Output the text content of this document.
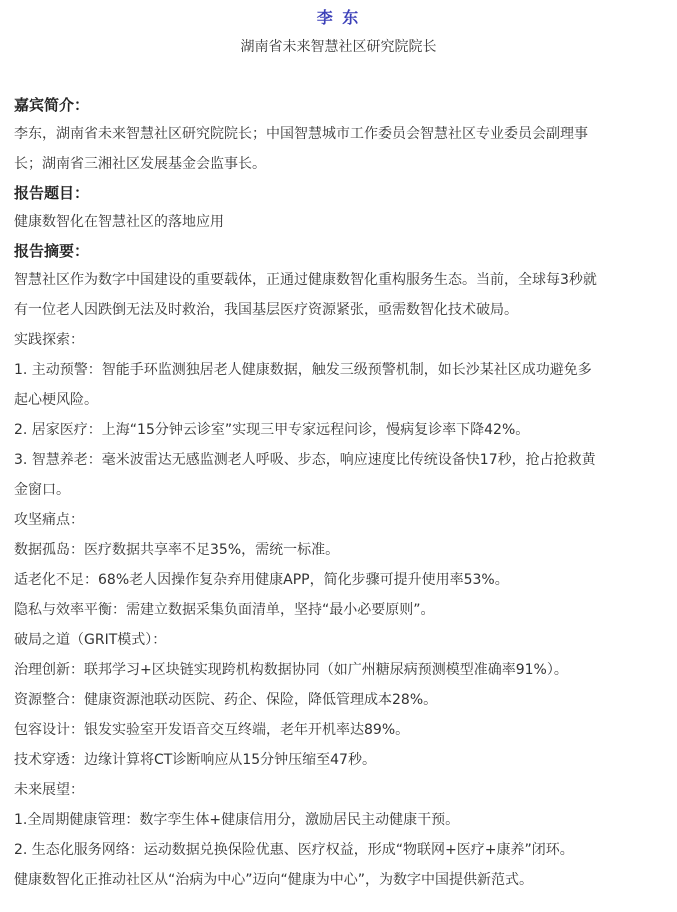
李 东
湖南省未来智慧社区研究院院长
嘉宾简介：
李东，湖南省未来智慧社区研究院院长；中国智慧城市工作委员会智慧社区专业委员会副理事
长；湖南省三湘社区发展基金会监事长。
报告题目：
健康数智化在智慧社区的落地应用
报告摘要：
智慧社区作为数字中国建设的重要载体，正通过健康数智化重构服务生态。当前，全球每3秒就
有一位老人因跌倒无法及时救治，我国基层医疗资源紧张，亟需数智化技术破局。
实践探索：
1. 主动预警：智能手环监测独居老人健康数据，触发三级预警机制，如长沙某社区成功避免多
起心梗风险。
2. 居家医疗：上海“15分钟云诊室”实现三甲专家远程问诊，慢病复诊率下降42%。
3. 智慧养老：毫米波雷达无感监测老人呼吸、步态，响应速度比传统设备快17秒，抢占抢救黄
金窗口。
攻坚痛点：
数据孤岛：医疗数据共享率不足35%，需统一标准。
适老化不足：68%老人因操作复杂弃用健康APP，简化步骤可提升使用率53%。
隐私与效率平衡：需建立数据采集负面清单，坚持“最小必要原则”。
破局之道（GRIT模式）：
治理创新：联邦学习+区块链实现跨机构数据协同（如广州糖尿病预测模型准确率91%）。
资源整合：健康资源池联动医院、药企、保险，降低管理成本28%。
包容设计：银发实验室开发语音交互终端，老年开机率达89%。
技术穿透：边缘计算将CT诊断响应从15分钟压缩至47秒。
未来展望：
1.全周期健康管理：数字孪生体+健康信用分，激励居民主动健康干预。
2. 生态化服务网络：运动数据兑换保险优惠、医疗权益，形成“物联网+医疗+康养”闭环。
健康数智化正推动社区从“治病为中心”迈向“健康为中心”，为数字中国提供新范式。
